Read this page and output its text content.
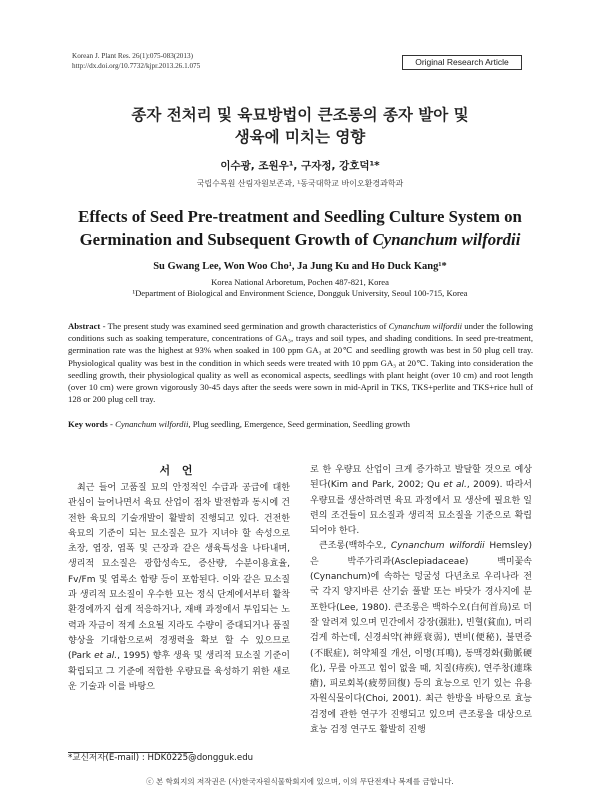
Korean J. Plant Res. 26(1):075-083(2013)
http://dx.doi.org/10.7732/kjpr.2013.26.1.075	Original Research Article
종자 전처리 및 육묘방법이 큰조롱의 종자 발아 및
생육에 미치는 영향
이수광, 조원우¹, 구자정, 강호덕¹*
국립수목원 산림자원보존과, ¹동국대학교 바이오환경과학과
Effects of Seed Pre-treatment and Seedling Culture System on
Germination and Subsequent Growth of Cynanchum wilfordii
Su Gwang Lee, Won Woo Cho¹, Ja Jung Ku and Ho Duck Kang¹*
Korea National Arboretum, Pochen 487-821, Korea
¹Department of Biological and Environment Science, Dongguk University, Seoul 100-715, Korea
Abstract - The present study was examined seed germination and growth characteristics of Cynanchum wilfordii under the following conditions such as soaking temperature, concentrations of GA₃, trays and soil types, and shading conditions. In seed pre-treatment, germination rate was the highest at 93% when soaked in 100 ppm GA₃ at 20℃ and seedling growth was best in 50 plug cell tray. Physiological quality was best in the condition in which seeds were treated with 10 ppm GA₃ at 20℃. Taking into consideration the seedling growth, their physiological quality as well as economical aspects, seedlings with plant height (over 10 cm) and root length (over 10 cm) were grown vigorously 30-45 days after the seeds were sown in mid-April in TKS, TKS+perlite and TKS+rice hull of 128 or 200 plug cell tray.
Key words - Cynanchum wilfordii, Plug seedling, Emergence, Seed germination, Seedling growth
서 언

최근 들어 고품질 묘의 안정적인 수급과 공급에 대한 관심이 늘어나면서 육묘 산업이 점차 발전함과 동시에 건전한 육묘의 기술개발이 활발히 진행되고 있다. 건전한 육묘의 기준이 되는 묘소질은 묘가 지녀야 할 속성으로 초장, 엽장, 엽폭 및 근장과 같은 생육특성을 나타내며, 생리적 묘소질은 광합성속도, 증산량, 수분이용효율, Fv/Fm 및 엽록소 함량 등이 포함된다. 이와 같은 묘소질과 생리적 묘소질이 우수한 묘는 정식 단계에서부터 활착 환경에까지 쉽게 적응하거나, 재배 과정에서 투입되는 노력과 자금이 적게 소요될 지라도 수량이 증대되거나 품질 향상을 기대함으로써 경쟁력을 확보 할 수 있으므로(Park et al., 1995) 향후 생육 및 생리적 묘소질 기준이 확립되고 그 기준에 적합한 우량묘를 육성하기 위한 새로운 기술과 이를 바탕으

로 한 우량묘 산업이 크게 증가하고 발달할 것으로 예상된다(Kim and Park, 2002; Qu et al., 2009). 따라서 우량묘를 생산하려면 육묘 과정에서 묘 생산에 필요한 일련의 조건들이 묘소질과 생리적 묘소질을 기준으로 확립되어야 한다.

큰조롱(백하수오, Cynanchum wilfordii Hemsley)은 박주가리과(Asclepiadaceae) 백미꽃속(Cynanchum)에 속하는 덩굴성 다년초로 우리나라 전국 각지 양지바른 산기슭 풀밭 또는 바닷가 경사지에 분포한다(Lee, 1980). 큰조롱은 백하수오(白何首烏)로 더 잘 알려져 있으며 민간에서 강장(强壯), 빈혈(貧血), 머리 검게 하는데, 신경쇠약(神經衰弱), 변비(便秘), 불면증(不眠症), 허약체질 개선, 이명(耳鳴), 동맥경화(動脈硬化), 무릎 아프고 힘이 없을 때, 치질(痔疾), 연주창(連珠瘡), 피로회복(疲勞回復) 등의 효능으로 인기 있는 유용자원식물이다(Choi, 2001). 최근 한방을 바탕으로 효능 검정에 관한 연구가 진행되고 있으며 큰조롱을 대상으로 효능 검정 연구도 활발히 진행

*교신저자(E-mail) : HDK0225@dongguk.edu
ⓒ 본 학회지의 저작권은 (사)한국자원식물학회지에 있으며, 이의 무단전재나 복제를 금합니다.
